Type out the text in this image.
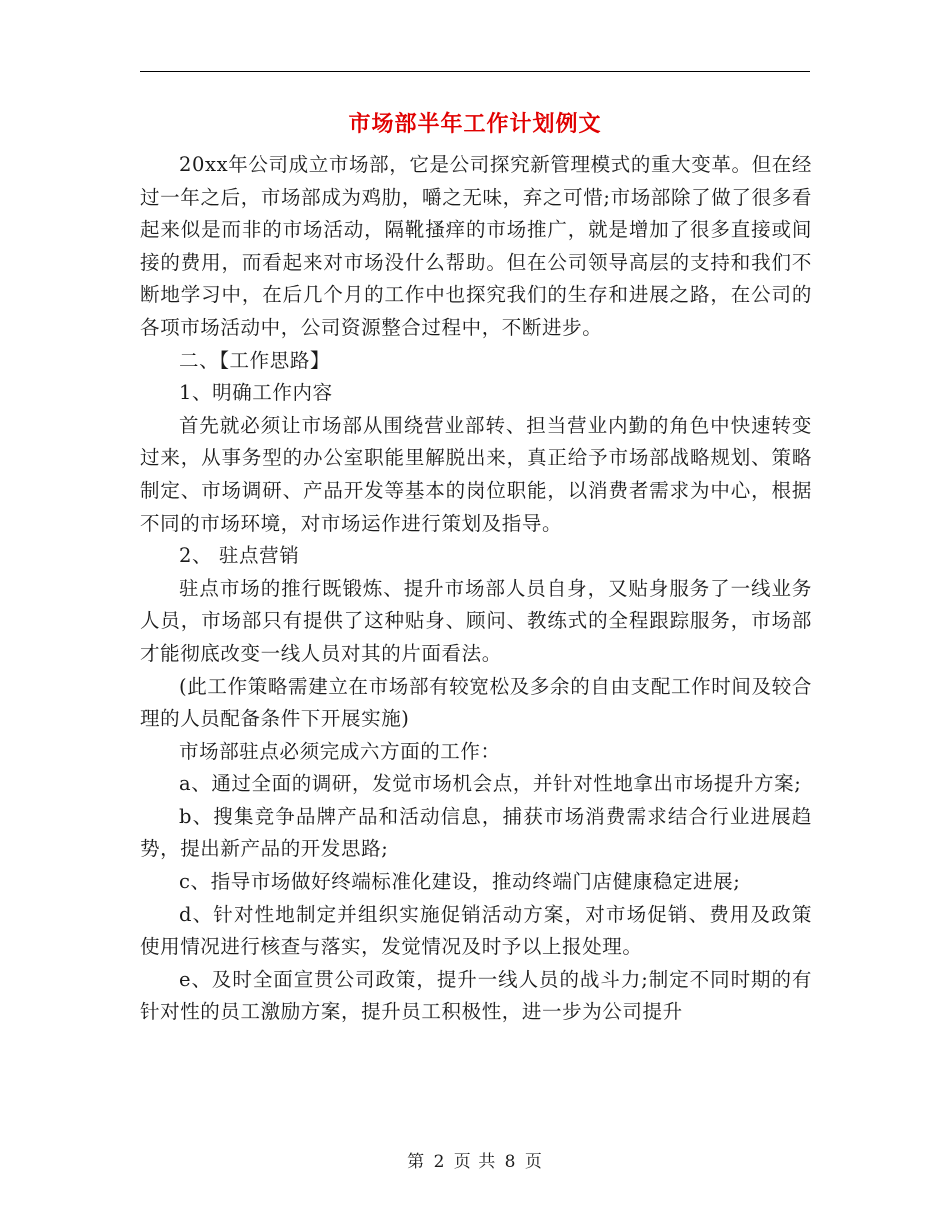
市场部半年工作计划例文

20xx年公司成立市场部，它是公司探究新管理模式的重大变革。但在经过一年之后，市场部成为鸡肋，嚼之无味，弃之可惜;市场部除了做了很多看起来似是而非的市场活动，隔靴搔痒的市场推广，就是增加了很多直接或间接的费用，而看起来对市场没什么帮助。但在公司领导高层的支持和我们不断地学习中，在后几个月的工作中也探究我们的生存和进展之路，在公司的各项市场活动中，公司资源整合过程中，不断进步。

二、【工作思路】

1、明确工作内容

首先就必须让市场部从围绕营业部转、担当营业内勤的角色中快速转变过来，从事务型的办公室职能里解脱出来，真正给予市场部战略规划、策略制定、市场调研、产品开发等基本的岗位职能，以消费者需求为中心，根据不同的市场环境，对市场运作进行策划及指导。

2、 驻点营销

驻点市场的推行既锻炼、提升市场部人员自身，又贴身服务了一线业务人员，市场部只有提供了这种贴身、顾问、教练式的全程跟踪服务，市场部才能彻底改变一线人员对其的片面看法。

(此工作策略需建立在市场部有较宽松及多余的自由支配工作时间及较合理的人员配备条件下开展实施)

市场部驻点必须完成六方面的工作：

a、通过全面的调研，发觉市场机会点，并针对性地拿出市场提升方案;

b、搜集竞争品牌产品和活动信息，捕获市场消费需求结合行业进展趋势，提出新产品的开发思路;

c、指导市场做好终端标准化建设，推动终端门店健康稳定进展;

d、针对性地制定并组织实施促销活动方案，对市场促销、费用及政策使用情况进行核查与落实，发觉情况及时予以上报处理。

e、及时全面宣贯公司政策，提升一线人员的战斗力;制定不同时期的有针对性的员工激励方案，提升员工积极性，进一步为公司提升

第 2 页 共 8 页
